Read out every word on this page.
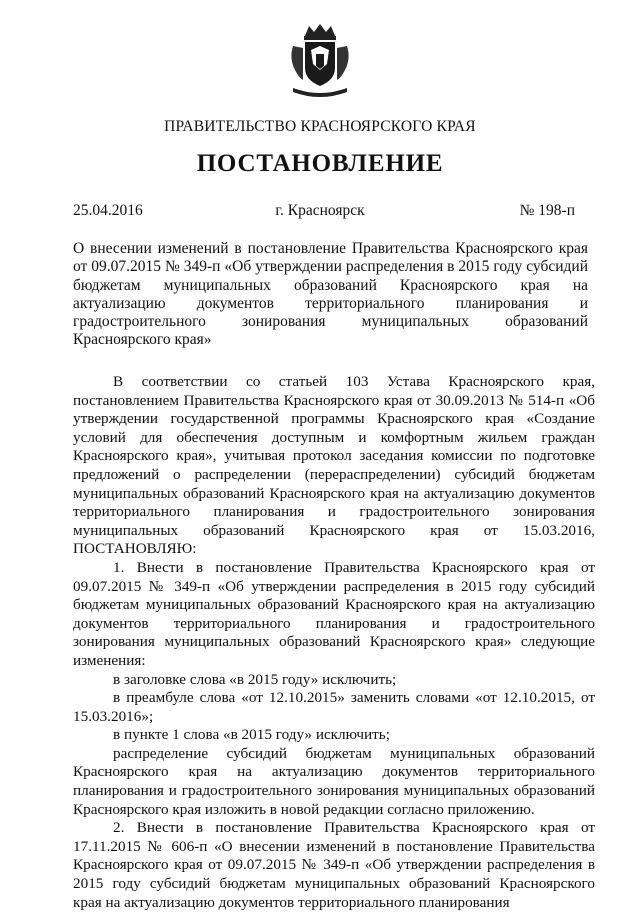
ПРАВИТЕЛЬСТВО КРАСНОЯРСКОГО КРАЯ
ПОСТАНОВЛЕНИЕ
25.04.2016	г. Красноярск	№ 198-п
О внесении изменений в постановление Правительства Красноярского края от 09.07.2015 № 349-п «Об утверждении распределения в 2015 году субсидий бюджетам муниципальных образований Красноярского края на актуализацию документов территориального планирования и градостроительного зонирования муниципальных образований Красноярского края»

В соответствии со статьей 103 Устава Красноярского края, постановлением Правительства Красноярского края от 30.09.2013 № 514-п «Об утверждении государственной программы Красноярского края «Создание условий для обеспечения доступным и комфортным жильем граждан Красноярского края», учитывая протокол заседания комиссии по подготовке предложений о распределении (перераспределении) субсидий бюджетам муниципальных образований Красноярского края на актуализацию документов территориального планирования и градостроительного зонирования муниципальных образований Красноярского края от 15.03.2016, ПОСТАНОВЛЯЮ:

1. Внести в постановление Правительства Красноярского края от 09.07.2015 № 349-п «Об утверждении распределения в 2015 году субсидий бюджетам муниципальных образований Красноярского края на актуализацию документов территориального планирования и градостроительного зонирования муниципальных образований Красноярского края» следующие изменения:

в заголовке слова «в 2015 году» исключить;

в преамбуле слова «от 12.10.2015» заменить словами «от 12.10.2015, от 15.03.2016»;

в пункте 1 слова «в 2015 году» исключить;

распределение субсидий бюджетам муниципальных образований Красноярского края на актуализацию документов территориального планирования и градостроительного зонирования муниципальных образований Красноярского края изложить в новой редакции согласно приложению.

2. Внести в постановление Правительства Красноярского края от 17.11.2015 № 606-п «О внесении изменений в постановление Правительства Красноярского края от 09.07.2015 № 349-п «Об утверждении распределения в 2015 году субсидий бюджетам муниципальных образований Красноярского края на актуализацию документов территориального планирования
